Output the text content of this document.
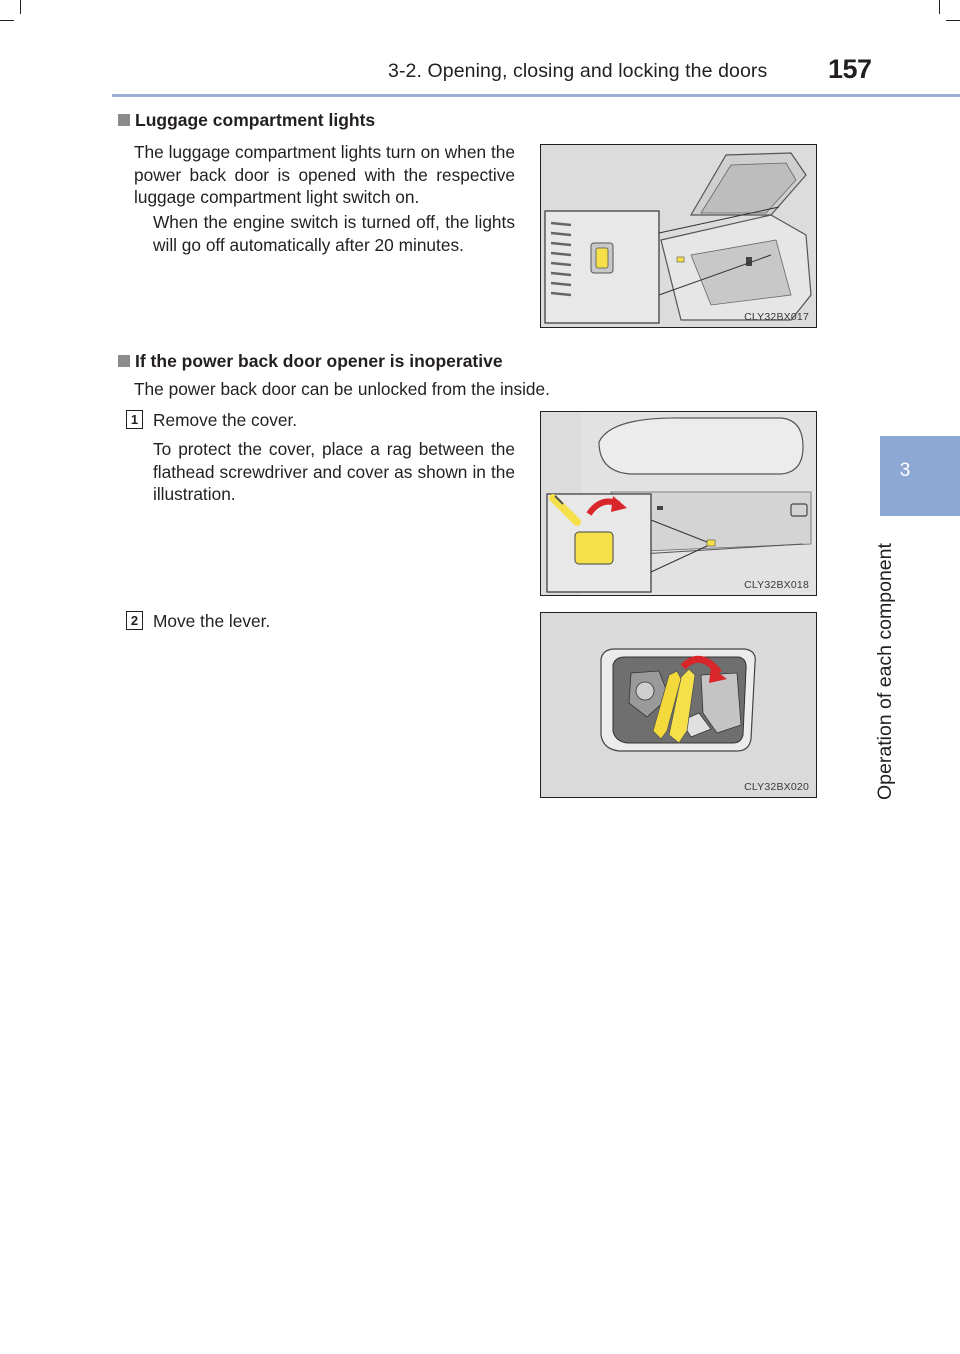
3-2. Opening, closing and locking the doors 157
3
Operation of each component
Luggage compartment lights
The luggage compartment lights turn on when the power back door is opened with the respective luggage compartment light switch on.
When the engine switch is turned off, the lights will go off automatically after 20 minutes.
CLY32BX017
If the power back door opener is inoperative
The power back door can be unlocked from the inside.
1 Remove the cover.
To protect the cover, place a rag between the flathead screwdriver and cover as shown in the illustration.
CLY32BX018
2 Move the lever.
CLY32BX020
